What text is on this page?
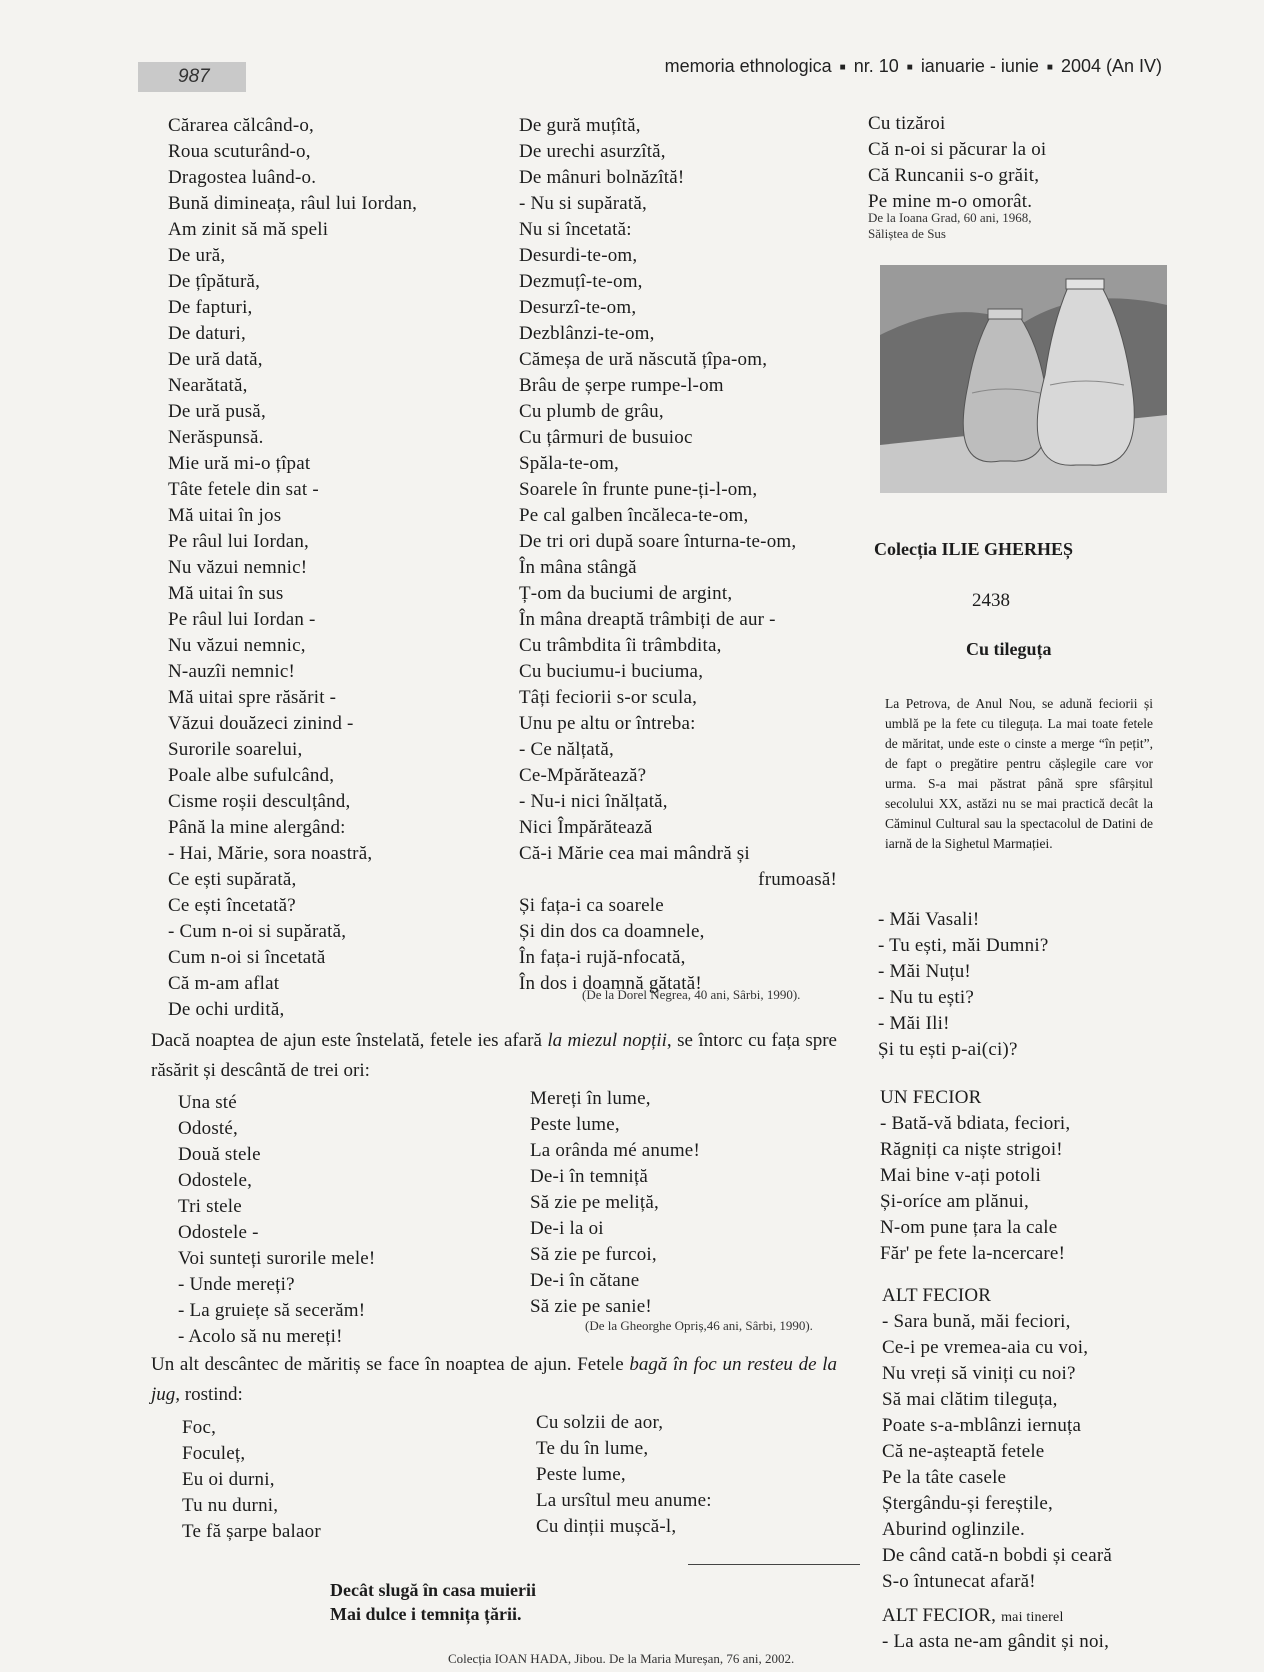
987	memoria ethnologica ■ nr. 10 ■ ianuarie - iunie ■ 2004 (An IV)
Cărarea călcând-o,
Roua scuturând-o,
Dragostea luând-o.
Bună dimineața, râul lui Iordan,
Am zinit să mă speli
De ură,
De țîpătură,
De fapturi,
De daturi,
De ură dată,
Nearătată,
De ură pusă,
Nerăspunsă.
Mie ură mi-o țîpat
Tâte fetele din sat -
Mă uitai în jos
Pe râul lui Iordan,
Nu văzui nemnic!
Mă uitai în sus
Pe râul lui Iordan -
Nu văzui nemnic,
N-auzîi nemnic!
Mă uitai spre răsărit -
Văzui douăzeci zinind -
Surorile soarelui,
Poale albe sufulcând,
Cisme roșii desculțând,
Până la mine alergând:
- Hai, Mărie, sora noastră,
Ce ești supărată,
Ce ești încetată?
- Cum n-oi si supărată,
Cum n-oi si încetată
Că m-am aflat
De ochi urdită,
De gură muțîtă,
De urechi asurzîtă,
De mânuri bolnăzîtă!
- Nu si supărată,
Nu si încetată:
Desurdi-te-om,
Dezmuțî-te-om,
Desurzî-te-om,
Dezblânzi-te-om,
Cămeșa de ură născută țîpa-om,
Brâu de șerpe rumpe-l-om
Cu plumb de grâu,
Cu țârmuri de busuioc
Spăla-te-om,
Soarele în frunte pune-ți-l-om,
Pe cal galben încăleca-te-om,
De tri ori după soare înturna-te-om,
În mâna stângă
Ț-om da buciumi de argint,
În mâna dreaptă trâmbiți de aur -
Cu trâmbdita îi trâmbdita,
Cu buciumu-i buciuma,
Tâți feciorii s-or scula,
Unu pe altu or întreba:
- Ce nălțată,
Ce-Mpărătează?
- Nu-i nici înălțată,
Nici Împărătează
Că-i Mărie cea mai mândră și
frumoasă!
Și fața-i ca soarele
Și din dos ca doamnele,
În fața-i rujă-nfocată,
În dos i doamnă gătată!
(De la Dorel Negrea, 40 ani, Sârbi, 1990).
Cu tizăroi
Că n-oi si păcurar la oi
Că Runcanii s-o grăit,
Pe mine m-o omorât.
De la Ioana Grad, 60 ani, 1968,
Săliștea de Sus
Colecția ILIE GHERHEȘ
2438
Cu tileguța

La Petrova, de Anul Nou, se adună feciorii și umblă pe la fete cu tileguța. La mai toate fetele de măritat, unde este o cinste a merge “în pețit”, de fapt o pregătire pentru cășlegile care vor urma. S-a mai păstrat până spre sfârșitul secolului XX, astăzi nu se mai practică decât la Căminul Cultural sau la spectacolul de Datini de iarnă de la Sighetul Marmației.

- Măi Vasali!
- Tu ești, măi Dumni?
- Măi Nuțu!
- Nu tu ești?
- Măi Ili!
Și tu ești p-ai(ci)?
UN FECIOR
- Bată-vă bdiata, feciori,
Răgniți ca niște strigoi!
Mai bine v-ați potoli
Și-oríce am plănui,
N-om pune țara la cale
Făr' pe fete la-ncercare!
ALT FECIOR
- Sara bună, măi feciori,
Ce-i pe vremea-aia cu voi,
Nu vreți să viniți cu noi?
Să mai clătim tileguța,
Poate s-a-mblânzi iernuța
Că ne-așteaptă fetele
Pe la tâte casele
Ștergându-și fereștile,
Aburind oglinzile.
De când cată-n bobdi și ceară
S-o întunecat afară!
ALT FECIOR, mai tinerel
- La asta ne-am gândit și noi,

Dacă noaptea de ajun este înstelată, fetele ies afară la miezul nopții, se întorc cu fața spre răsărit și descântă de trei ori:

Una sté
Odosté,
Două stele
Odostele,
Tri stele
Odostele -
Voi sunteți surorile mele!
- Unde mereți?
- La gruiețe să secerăm!
- Acolo să nu mereți!
Mereți în lume,
Peste lume,
La orânda mé anume!
De-i în temniță
Să zie pe meliță,
De-i la oi
Să zie pe furcoi,
De-i în cătane
Să zie pe sanie!
(De la Gheorghe Opriș,46 ani, Sârbi, 1990).

Un alt descântec de măritiș se face în noaptea de ajun. Fetele bagă în foc un resteu de la jug, rostind:

Foc,
Foculeț,
Eu oi durni,
Tu nu durni,
Te fă șarpe balaor
Cu solzii de aor,
Te du în lume,
Peste lume,
La ursîtul meu anume:
Cu dinții mușcă-l,
Decât slugă în casa muierii
Mai dulce i temnița țării.
Colecția IOAN HADA, Jibou. De la Maria Mureșan, 76 ani, 2002.
